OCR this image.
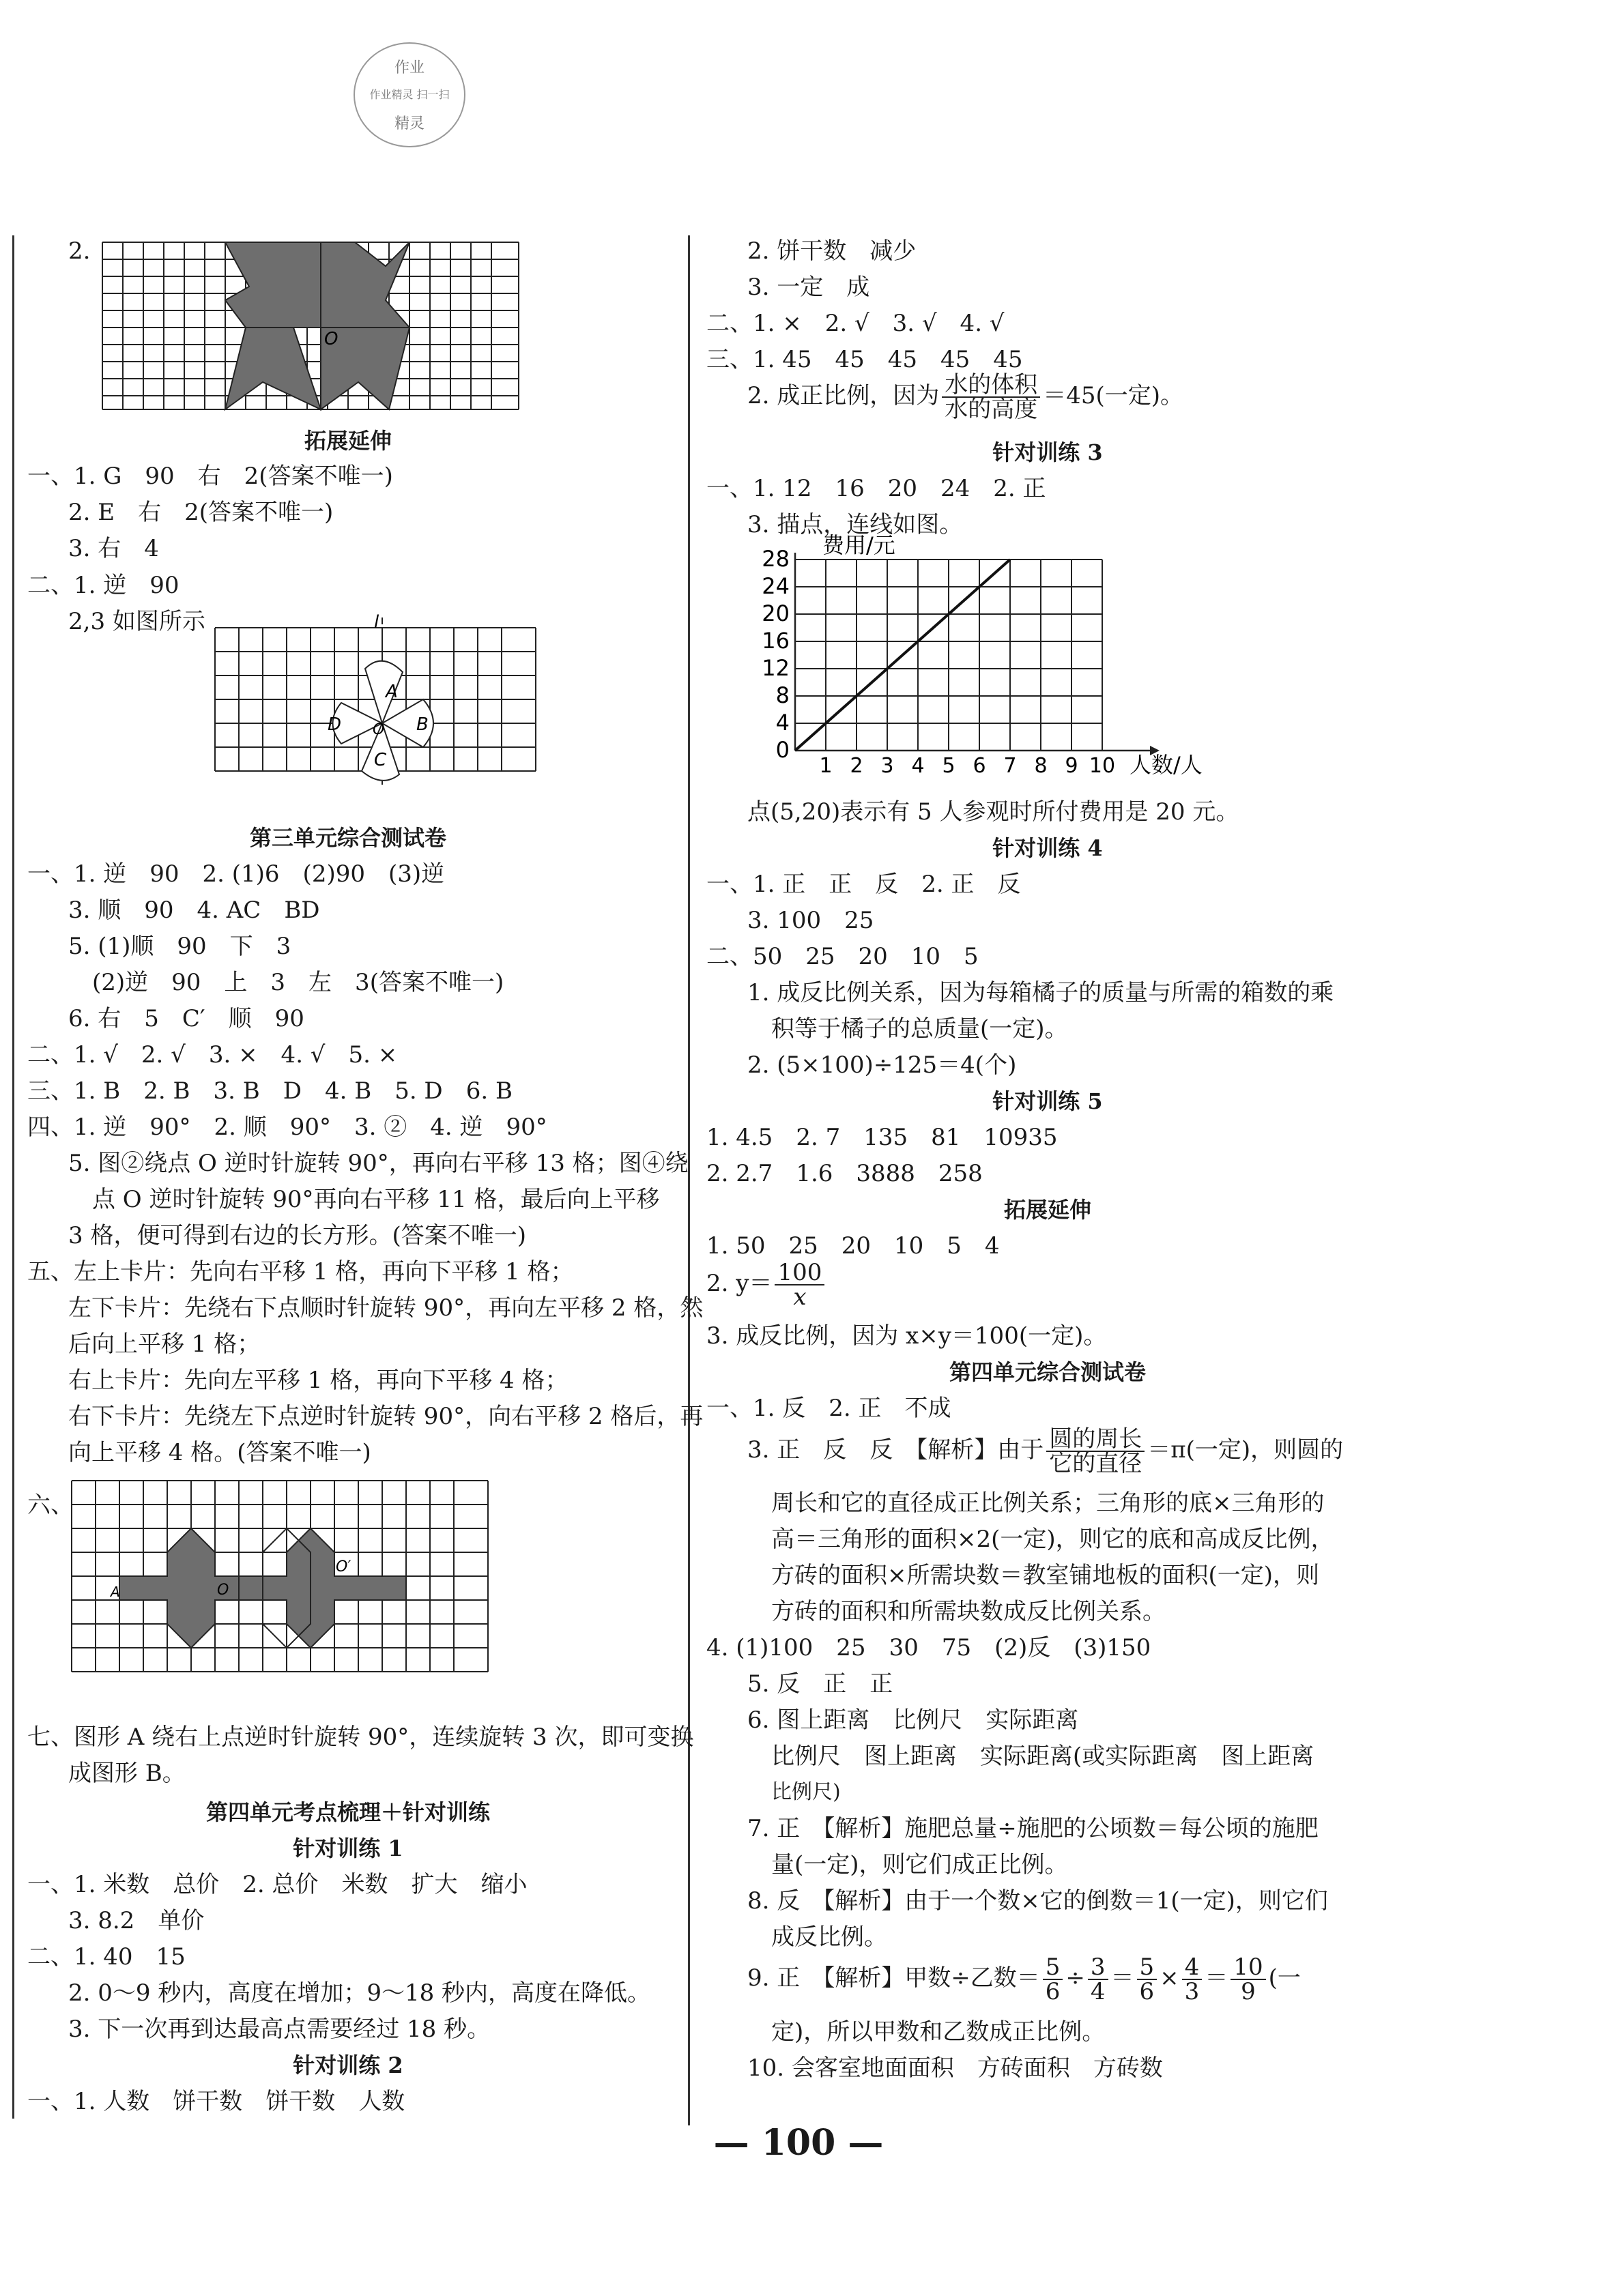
作业
作业精灵 扫一扫
精灵
2.
O
拓展延伸
一、1. G　90　右　2(答案不唯一)
2. E　右　2(答案不唯一)
3. 右　4
二、1. 逆　90
2,3 如图所示	l
A
B
C
D O
第三单元综合测试卷
一、1. 逆　90　2. (1)6　(2)90　(3)逆
3. 顺　90　4. AC　BD
5. (1)顺　90　下　3
(2)逆　90　上　3　左　3(答案不唯一)
6. 右　5　C′　顺　90
二、1. √　2. √　3. ×　4. √　5. ×
三、1. B　2. B　3. B　D　4. B　5. D　6. B
四、1. 逆　90°　2. 顺　90°　3. ②　4. 逆　90°
5. 图②绕点 O 逆时针旋转 90°，再向右平移 13 格；图④绕
点 O 逆时针旋转 90°再向右平移 11 格，最后向上平移
3 格，便可得到右边的长方形。(答案不唯一)
五、左上卡片：先向右平移 1 格，再向下平移 1 格；
左下卡片：先绕右下点顺时针旋转 90°，再向左平移 2 格，然
后向上平移 1 格；
右上卡片：先向左平移 1 格，再向下平移 4 格；
右下卡片：先绕左下点逆时针旋转 90°，向右平移 2 格后，再
向上平移 4 格。(答案不唯一)
六、
A	O
O′
七、图形 A 绕右上点逆时针旋转 90°，连续旋转 3 次，即可变换
成图形 B。
第四单元考点梳理＋针对训练
针对训练 1
一、1. 米数　总价　2. 总价　米数　扩大　缩小
3. 8.2　单价
二、1. 40　15
2. 0～9 秒内，高度在增加；9～18 秒内，高度在降低。
3. 下一次再到达最高点需要经过 18 秒。
针对训练 2
一、1. 人数　饼干数　饼干数　人数
2. 饼干数　减少
3. 一定　成
二、1. ×　2. √　3. √　4. √
三、1. 45　45　45　45　45
2. 成正比例，因为 $\frac{\text{水的体积}}{\text{水的高度}} =45$(一定)。
针对训练 3
一、1. 12　16　20　24　2. 正
3. 描点，连线如图。
4
8
12
16
20
24
28
0
1 2 3 4 5 6 7 8 9 10
费用/元
人数/人
点(5,20)表示有 5 人参观时所付费用是 20 元。
针对训练 4
一、1. 正　正　反　2. 正　反
3. 100　25
二、50　25　20　10　5
1. 成反比例关系，因为每箱橘子的质量与所需的箱数的乘
积等于橘子的总质量(一定)。
2. (5×100)÷125＝4(个)
针对训练 5
1. 4.5　2. 7　135　81　10935
2. 2.7　1.6　3888　258
拓展延伸
1. 50　25　20　10　5　4
2. $y= \frac{100}{x}$
3. 成反比例，因为 x×y＝100(一定)。
第四单元综合测试卷
一、1. 反　2. 正　不成
3. 正　反　反　【解析】由于 $\frac{\text{圆的周长}}{\text{它的直径}} =\pi$(一定)，则圆的
周长和它的直径成正比例关系；三角形的底×三角形的
高＝三角形的面积×2(一定)，则它的底和高成反比例，
方砖的面积×所需块数＝教室铺地板的面积(一定)，则
方砖的面积和所需块数成反比例关系。
4. (1)100　25　30　75　(2)反　(3)150
5. 反　正　正
6. 图上距离　比例尺　实际距离
比例尺　图上距离　实际距离(或实际距离　图上距离
比例尺)
7. 正　【解析】施肥总量÷施肥的公顷数＝每公顷的施肥
量(一定)，则它们成正比例。
8. 反　【解析】由于一个数×它的倒数＝1(一定)，则它们
成反比例。
9. 正　【解析】甲数÷乙数＝ $\frac{5}{6} \div \frac{3}{4} = \frac{5}{6} \times \frac{4}{3} = \frac{10}{9}$ (一
定)，所以甲数和乙数成正比例。
10. 会客室地面面积　方砖面积　方砖数
— 100 —
